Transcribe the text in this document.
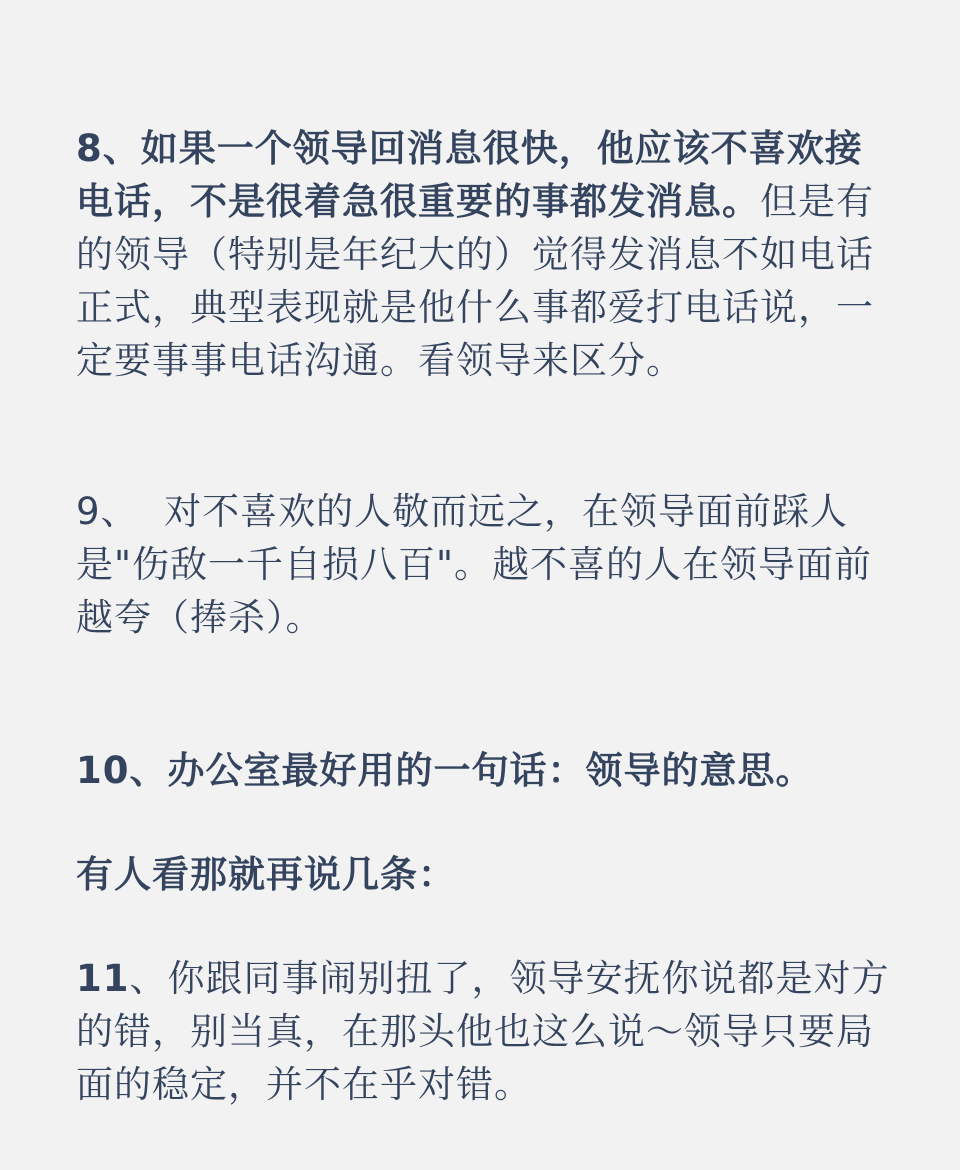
8、如果一个领导回消息很快，他应该不喜欢接
电话，不是很着急很重要的事都发消息。但是有
的领导（特别是年纪大的）觉得发消息不如电话
正式，典型表现就是他什么事都爱打电话说，一
定要事事电话沟通。看领导来区分。
9、  对不喜欢的人敬而远之，在领导面前踩人
是"伤敌一千自损八百"。越不喜的人在领导面前
越夸（捧杀）。
10、办公室最好用的一句话：领导的意思。
有人看那就再说几条：
11、你跟同事闹别扭了，领导安抚你说都是对方
的错，别当真，在那头他也这么说～领导只要局
面的稳定，并不在乎对错。
